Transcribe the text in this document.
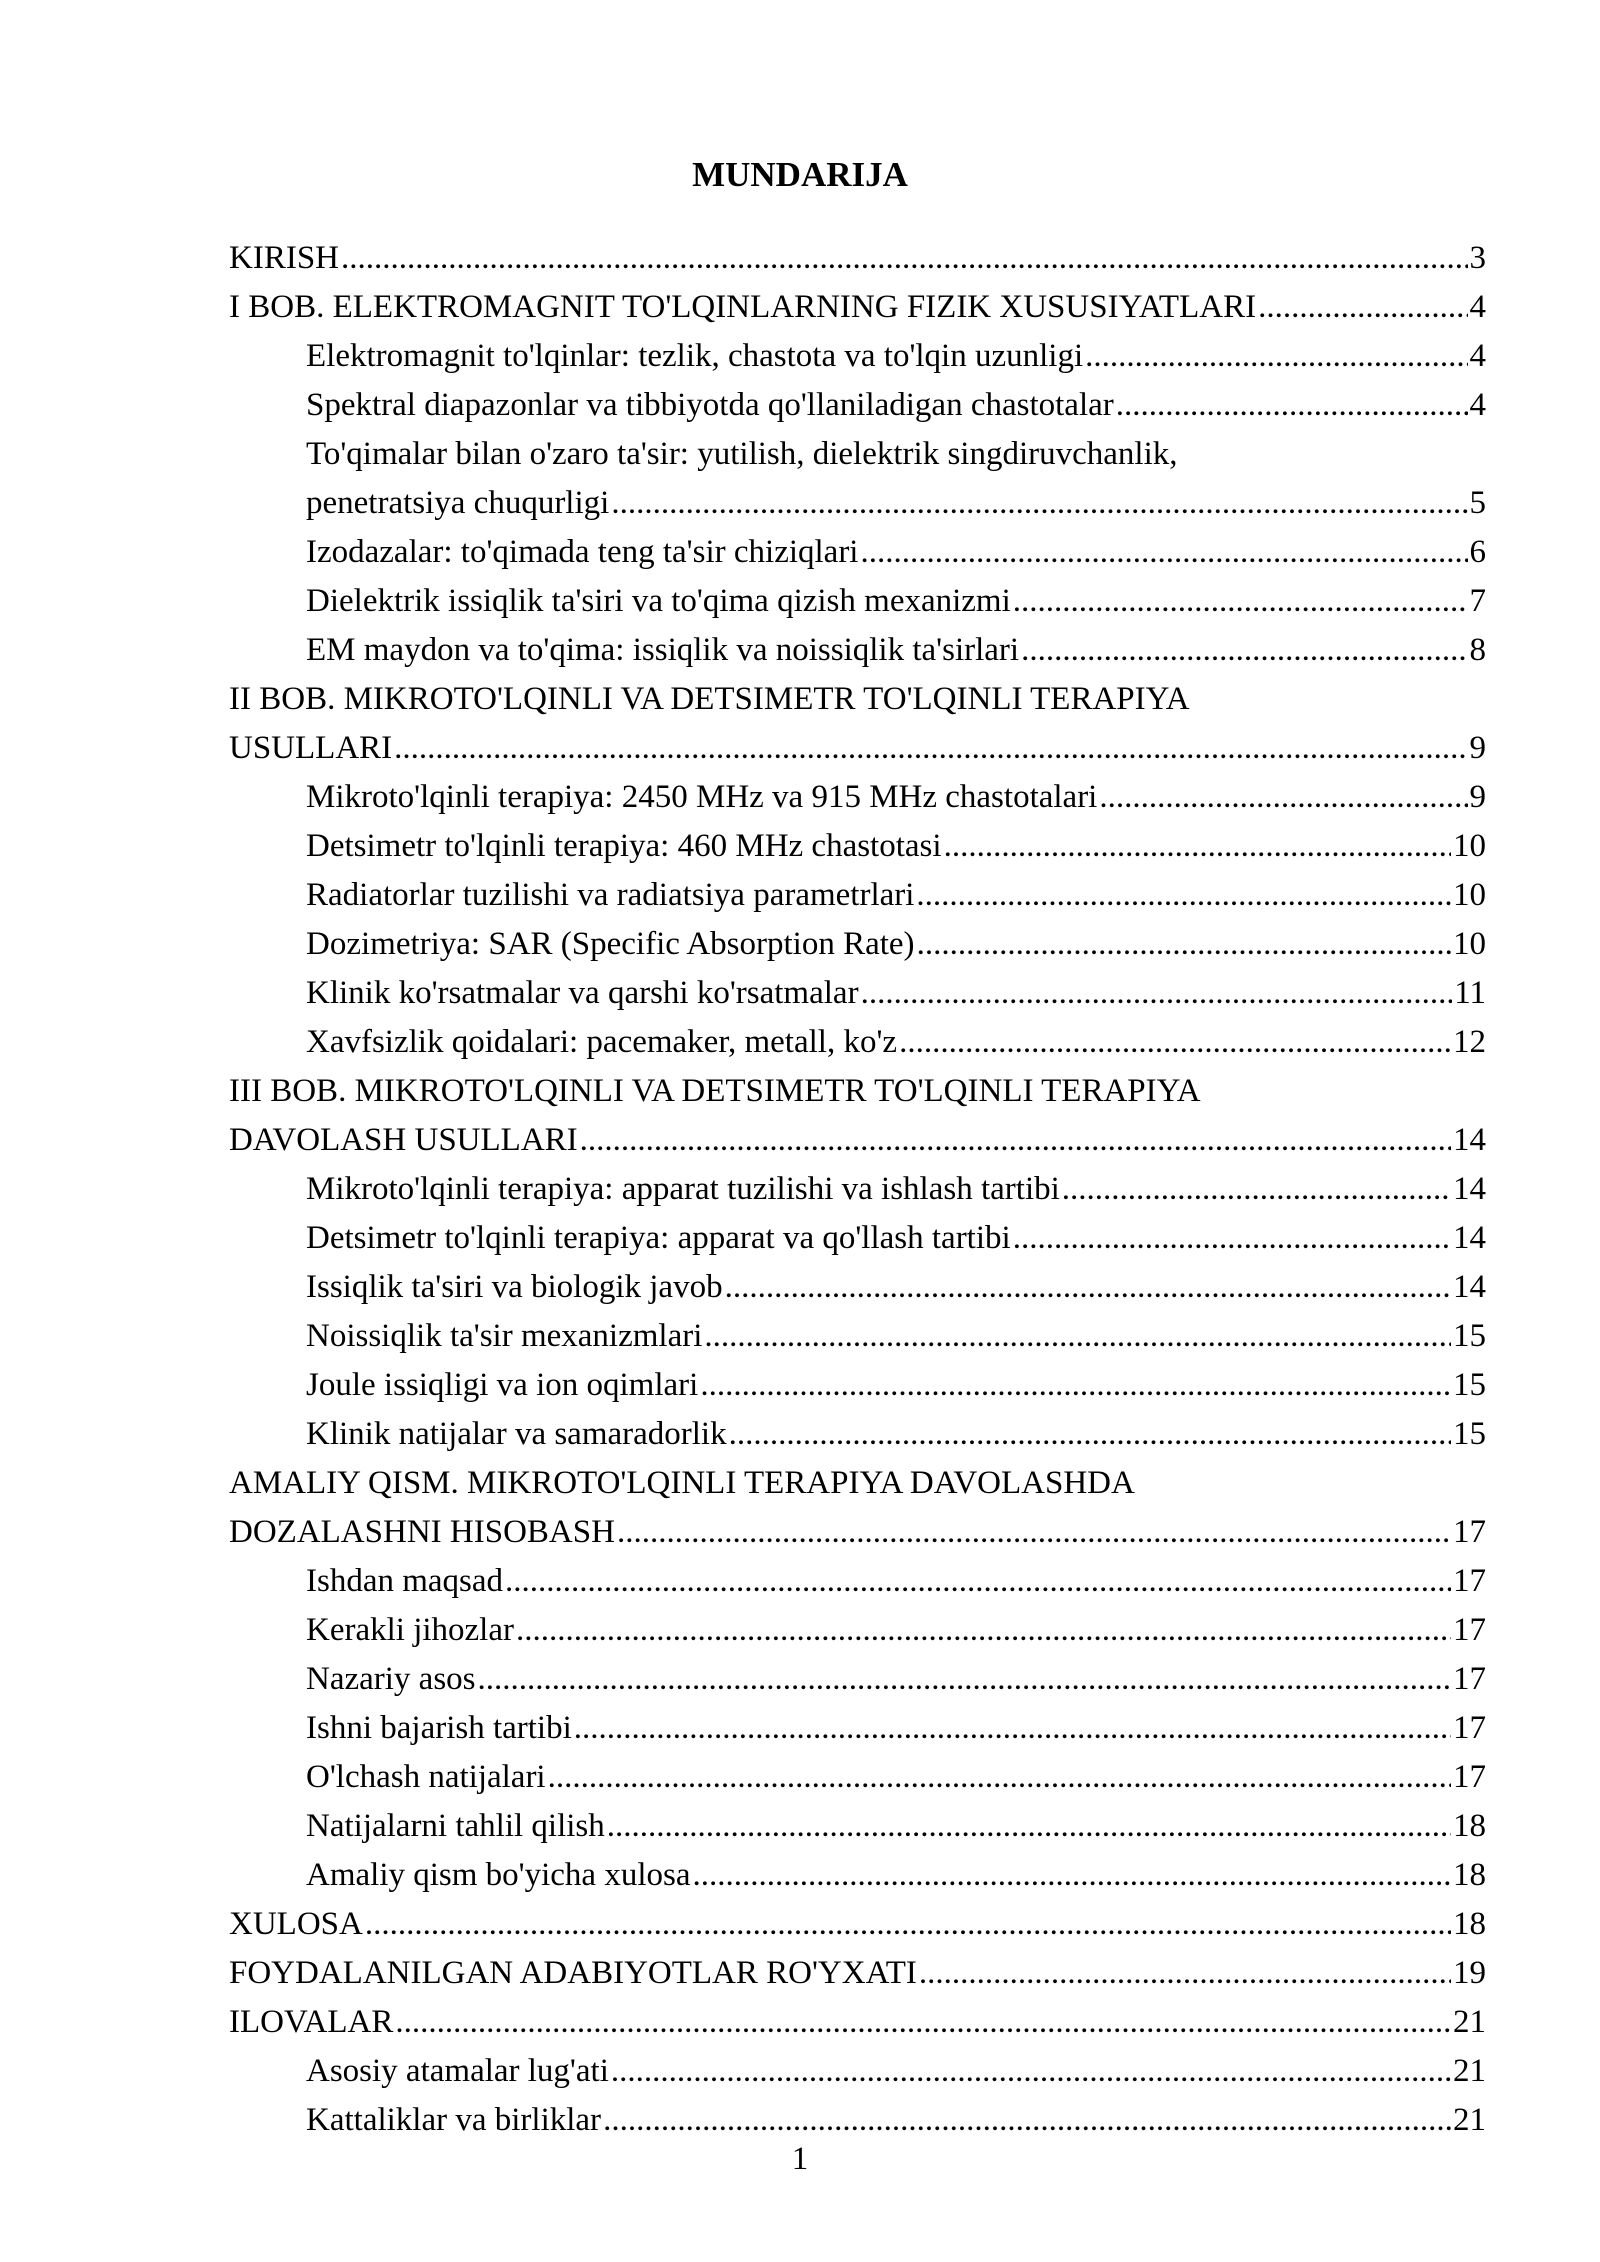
MUNDARIJA
KIRISH .....	3
I BOB. ELEKTROMAGNIT TO'LQINLARNING FIZIK XUSUSIYATLARI .....	4
Elektromagnit to'lqinlar: tezlik, chastota va to'lqin uzunligi .....	4
Spektral diapazonlar va tibbiyotda qo'llaniladigan chastotalar .....	4
To'qimalar bilan o'zaro ta'sir: yutilish, dielektrik singdiruvchanlik,
penetratsiya chuqurligi .....	5
Izodazalar: to'qimada teng ta'sir chiziqlari .....	6
Dielektrik issiqlik ta'siri va to'qima qizish mexanizmi .....	7
EM maydon va to'qima: issiqlik va noissiqlik ta'sirlari .....	8
II BOB. MIKROTO'LQINLI VA DETSIMETR TO'LQINLI TERAPIYA
USULLARI .....	9
Mikroto'lqinli terapiya: 2450 MHz va 915 MHz chastotalari .....	9
Detsimetr to'lqinli terapiya: 460 MHz chastotasi .....	10
Radiatorlar tuzilishi va radiatsiya parametrlari .....	10
Dozimetriya: SAR (Specific Absorption Rate) .....	10
Klinik ko'rsatmalar va qarshi ko'rsatmalar .....	11
Xavfsizlik qoidalari: pacemaker, metall, ko'z .....	12
III BOB. MIKROTO'LQINLI VA DETSIMETR TO'LQINLI TERAPIYA
DAVOLASH USULLARI .....	14
Mikroto'lqinli terapiya: apparat tuzilishi va ishlash tartibi .....	14
Detsimetr to'lqinli terapiya: apparat va qo'llash tartibi .....	14
Issiqlik ta'siri va biologik javob .....	14
Noissiqlik ta'sir mexanizmlari .....	15
Joule issiqligi va ion oqimlari .....	15
Klinik natijalar va samaradorlik .....	15
AMALIY QISM. MIKROTO'LQINLI TERAPIYA DAVOLASHDA
DOZALASHNI HISOBASH .....	17
Ishdan maqsad .....	17
Kerakli jihozlar .....	17
Nazariy asos .....	17
Ishni bajarish tartibi .....	17
O'lchash natijalari .....	17
Natijalarni tahlil qilish .....	18
Amaliy qism bo'yicha xulosa .....	18
XULOSA .....	18
FOYDALANILGAN ADABIYOTLAR RO'YXATI .....	19
ILOVALAR .....	21
Asosiy atamalar lug'ati .....	21
Kattaliklar va birliklar .....	21
1
